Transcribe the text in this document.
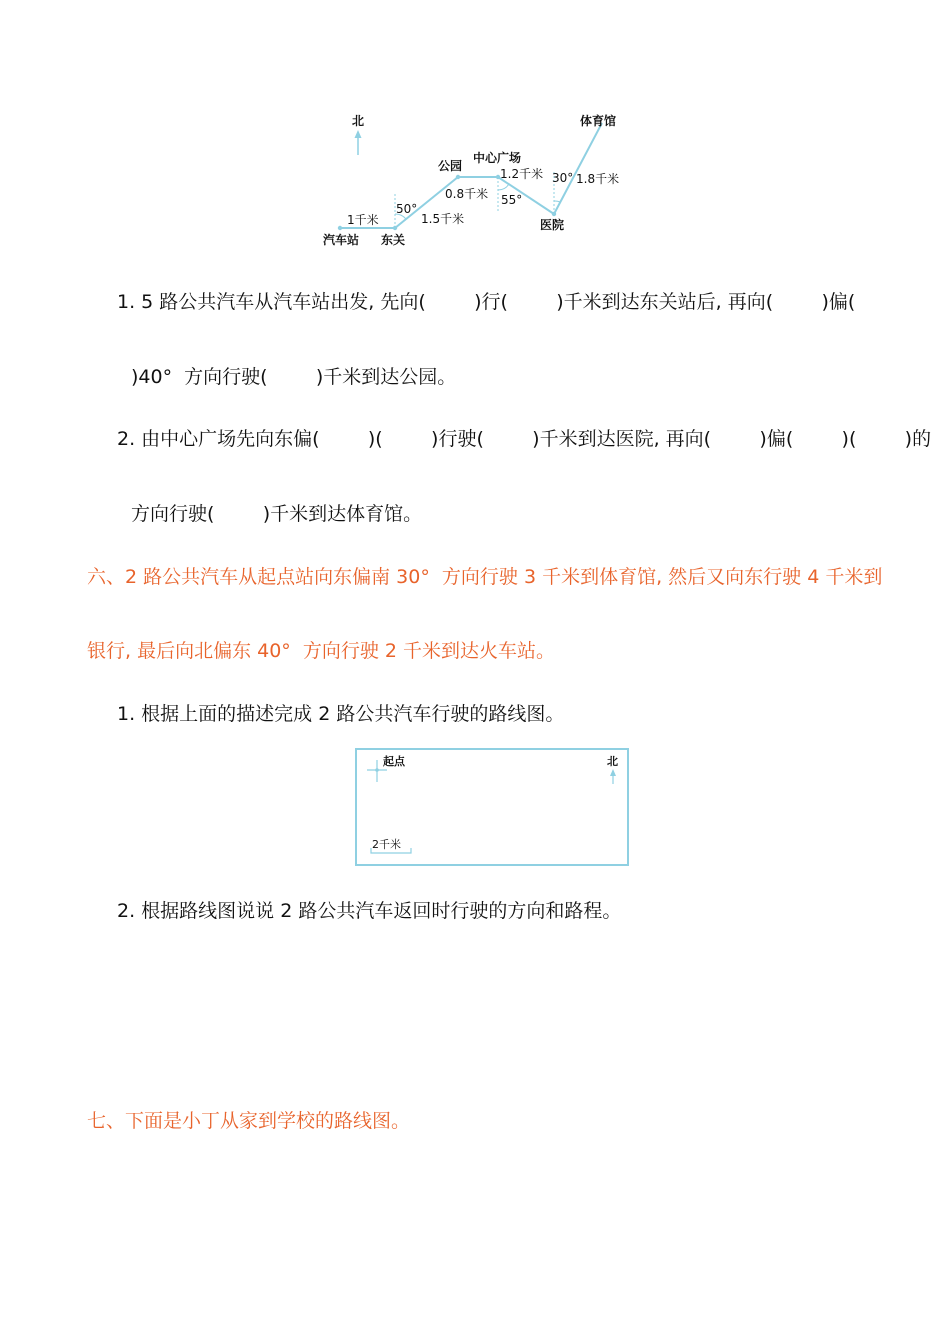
北
汽车站 东关
公园
中心广场
医院
体育馆
1千米	1.5千米
0.8千米
1.2千米	1.8千米
50°
55°
30°
1. 5 路公共汽车从汽车站出发, 先向(        )行(        )千米到达东关站后, 再向(        )偏(
)40°  方向行驶(        )千米到达公园。
2. 由中心广场先向东偏(        )(        )行驶(        )千米到达医院, 再向(        )偏(        )(        )的
方向行驶(        )千米到达体育馆。
六、2 路公共汽车从起点站向东偏南 30°  方向行驶 3 千米到体育馆, 然后又向东行驶 4 千米到
银行, 最后向北偏东 40°  方向行驶 2 千米到达火车站。
1. 根据上面的描述完成 2 路公共汽车行驶的路线图。
起点	北
2千米
2. 根据路线图说说 2 路公共汽车返回时行驶的方向和路程。
七、下面是小丁从家到学校的路线图。
